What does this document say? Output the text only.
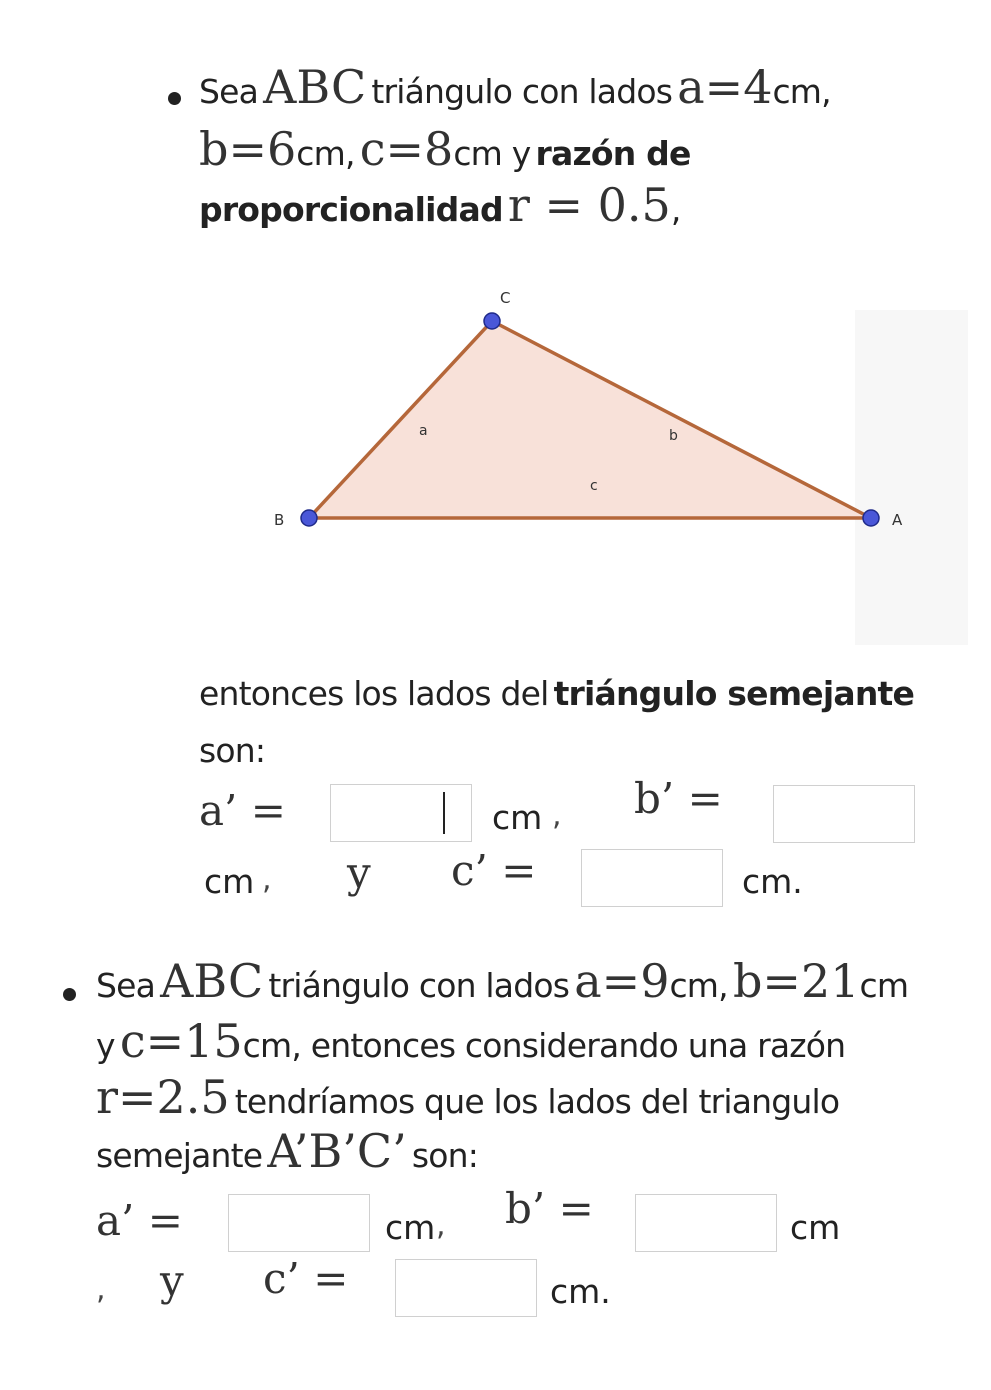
Sea ABC triángulo con lados a=4cm,
b=6cm, c=8cm y razón de
proporcionalidad r = 0.5,
C
B	A
a	b
c
entonces los lados del triángulo semejante
son:
a’ =	cm , b’ =
cm , y c’ =	cm.
Sea ABC triángulo con lados a=9cm, b=21cm
y c=15cm, entonces considerando una razón
r=2.5 tendríamos que los lados del triangulo
semejante A’B’C’ son:
a’ =	cm , b’ =	cm
, y c’ =	cm.
